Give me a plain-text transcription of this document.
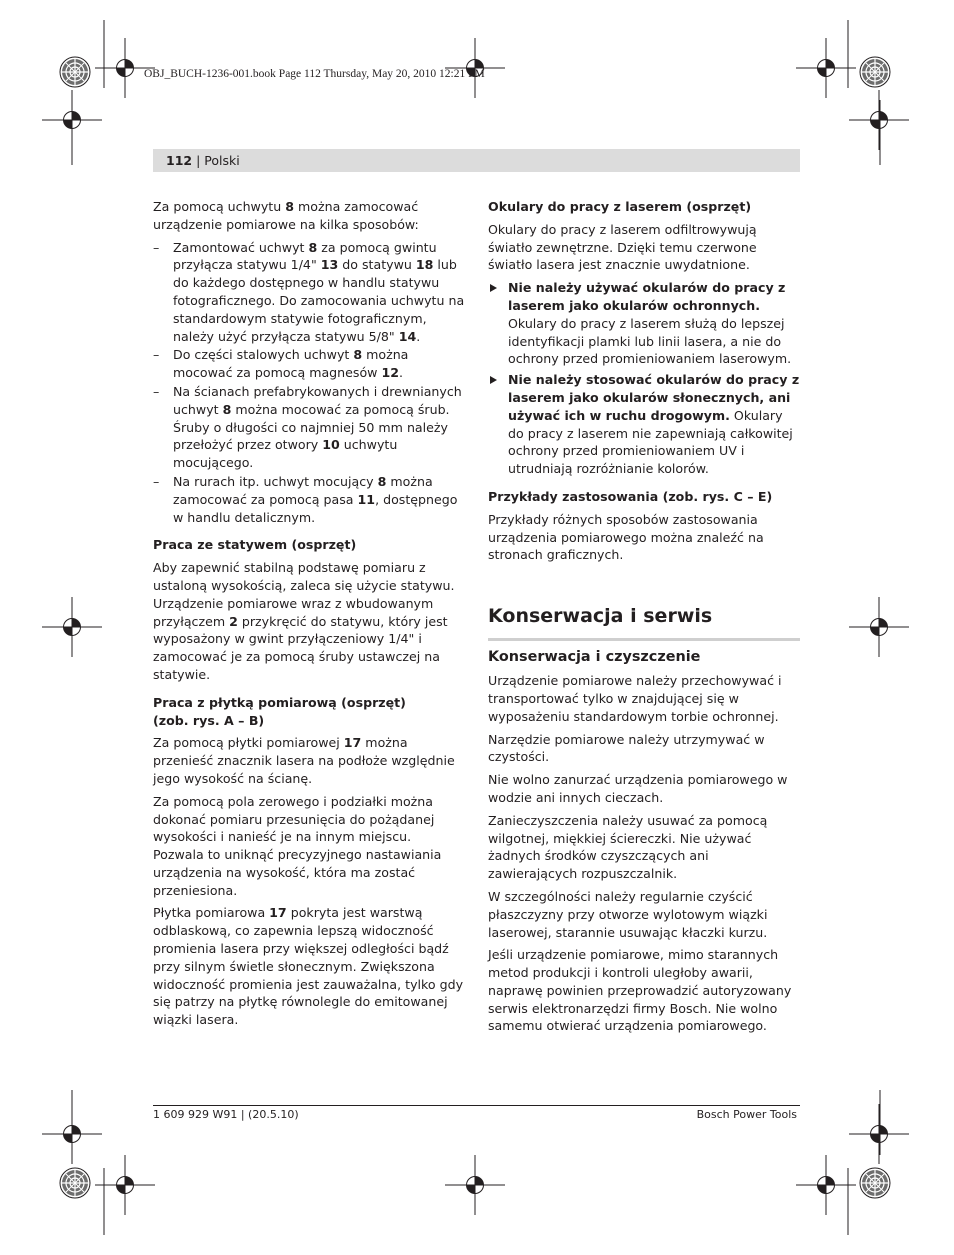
OBJ_BUCH-1236-001.book Page 112 Thursday, May 20, 2010 12:21 PM
112 | Polski

Za pomocą uchwytu 8 można zamocować urządzenie pomiarowe na kilka sposobów:

– Zamontować uchwyt 8 za pomocą gwintu przyłącza statywu 1/4" 13 do statywu 18 lub do każdego dostępnego w handlu statywu fotograficznego. Do zamocowania uchwytu na standardowym statywie fotograficznym, należy użyć przyłącza statywu 5/8" 14.
– Do części stalowych uchwyt 8 można mocować za pomocą magnesów 12.
– Na ścianach prefabrykowanych i drewnianych uchwyt 8 można mocować za pomocą śrub. Śruby o długości co najmniej 50 mm należy przełożyć przez otwory 10 uchwytu mocującego.
– Na rurach itp. uchwyt mocujący 8 można zamocować za pomocą pasa 11, dostępnego w handlu detalicznym.
Praca ze statywem (osprzęt)

Aby zapewnić stabilną podstawę pomiaru z ustaloną wysokością, zaleca się użycie statywu. Urządzenie pomiarowe wraz z wbudowanym przyłączem 2 przykręcić do statywu, który jest wyposażony w gwint przyłączeniowy 1/4" i zamocować je za pomocą śruby ustawczej na statywie.

Praca z płytką pomiarową (osprzęt)
(zob. rys. A – B)

Za pomocą płytki pomiarowej 17 można przenieść znacznik lasera na podłoże względnie jego wysokość na ścianę.

Za pomocą pola zerowego i podziałki można dokonać pomiaru przesunięcia do pożądanej wysokości i nanieść je na innym miejscu. Pozwala to uniknąć precyzyjnego nastawiania urządzenia na wysokość, która ma zostać przeniesiona.

Płytka pomiarowa 17 pokryta jest warstwą odblaskową, co zapewnia lepszą widoczność promienia lasera przy większej odległości bądź przy silnym świetle słonecznym. Zwiększona widoczność promienia jest zauważalna, tylko gdy się patrzy na płytkę równolegle do emitowanej wiązki lasera.

Okulary do pracy z laserem (osprzęt)

Okulary do pracy z laserem odfiltrowywują światło zewnętrzne. Dzięki temu czerwone światło lasera jest znacznie uwydatnione.

Nie należy używać okularów do pracy z laserem jako okularów ochronnych. Okulary do pracy z laserem służą do lepszej identyfikacji plamki lub linii lasera, a nie do ochrony przed promieniowaniem laserowym.
Nie należy stosować okularów do pracy z laserem jako okularów słonecznych, ani używać ich w ruchu drogowym. Okulary do pracy z laserem nie zapewniają całkowitej ochrony przed promieniowaniem UV i utrudniają rozróżnianie kolorów.
Przykłady zastosowania (zob. rys. C – E)

Przykłady różnych sposobów zastosowania urządzenia pomiarowego można znaleźć na stronach graficznych.

Konserwacja i serwis
Konserwacja i czyszczenie

Urządzenie pomiarowe należy przechowywać i transportować tylko w znajdującej się w wyposażeniu standardowym torbie ochronnej.

Narzędzie pomiarowe należy utrzymywać w czystości.

Nie wolno zanurzać urządzenia pomiarowego w wodzie ani innych cieczach.

Zanieczyszczenia należy usuwać za pomocą wilgotnej, miękkiej ściereczki. Nie używać żadnych środków czyszczących ani zawierających rozpuszczalnik.

W szczególności należy regularnie czyścić płaszczyzny przy otworze wylotowym wiązki laserowej, starannie usuwając kłaczki kurzu.

Jeśli urządzenie pomiarowe, mimo starannych metod produkcji i kontroli uległoby awarii, naprawę powinien przeprowadzić autoryzowany serwis elektronarzędzi firmy Bosch. Nie wolno samemu otwierać urządzenia pomiarowego.

1 609 929 W91 | (20.5.10)	Bosch Power Tools
